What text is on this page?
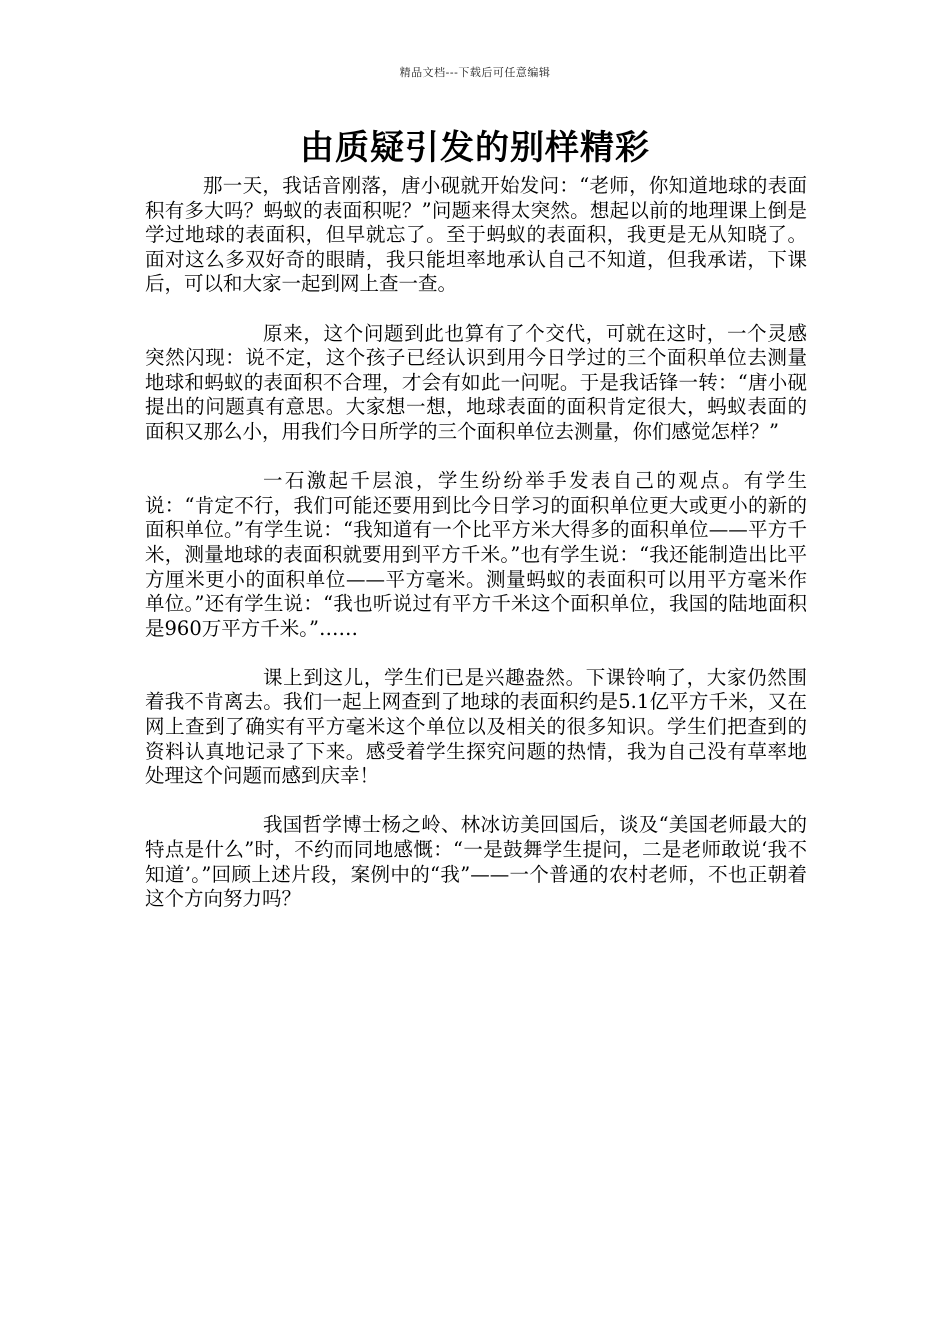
精品文档---下载后可任意编辑
由质疑引发的别样精彩

那一天，我话音刚落，唐小砚就开始发问：“老师，你知道地球的表面积有多大吗？蚂蚁的表面积呢？”问题来得太突然。想起以前的地理课上倒是学过地球的表面积，但早就忘了。至于蚂蚁的表面积，我更是无从知晓了。面对这么多双好奇的眼睛，我只能坦率地承认自己不知道，但我承诺，下课后，可以和大家一起到网上查一查。

原来，这个问题到此也算有了个交代，可就在这时，一个灵感突然闪现：说不定，这个孩子已经认识到用今日学过的三个面积单位去测量地球和蚂蚁的表面积不合理，才会有如此一问呢。于是我话锋一转：“唐小砚提出的问题真有意思。大家想一想，地球表面的面积肯定很大，蚂蚁表面的面积又那么小，用我们今日所学的三个面积单位去测量，你们感觉怎样？”

一石激起千层浪，学生纷纷举手发表自己的观点。有学生说：“肯定不行，我们可能还要用到比今日学习的面积单位更大或更小的新的面积单位。”有学生说：“我知道有一个比平方米大得多的面积单位——平方千米，测量地球的表面积就要用到平方千米。”也有学生说：“我还能制造出比平方厘米更小的面积单位——平方毫米。测量蚂蚁的表面积可以用平方毫米作单位。”还有学生说：“我也听说过有平方千米这个面积单位，我国的陆地面积是960万平方千米。”……

课上到这儿，学生们已是兴趣盎然。下课铃响了，大家仍然围着我不肯离去。我们一起上网查到了地球的表面积约是5.1亿平方千米，又在网上查到了确实有平方毫米这个单位以及相关的很多知识。学生们把查到的资料认真地记录了下来。感受着学生探究问题的热情，我为自己没有草率地处理这个问题而感到庆幸！

我国哲学博士杨之岭、林冰访美回国后，谈及“美国老师最大的特点是什么”时，不约而同地感慨：“一是鼓舞学生提问，二是老师敢说‘我不知道’。”回顾上述片段，案例中的“我”——一个普通的农村老师，不也正朝着这个方向努力吗？
